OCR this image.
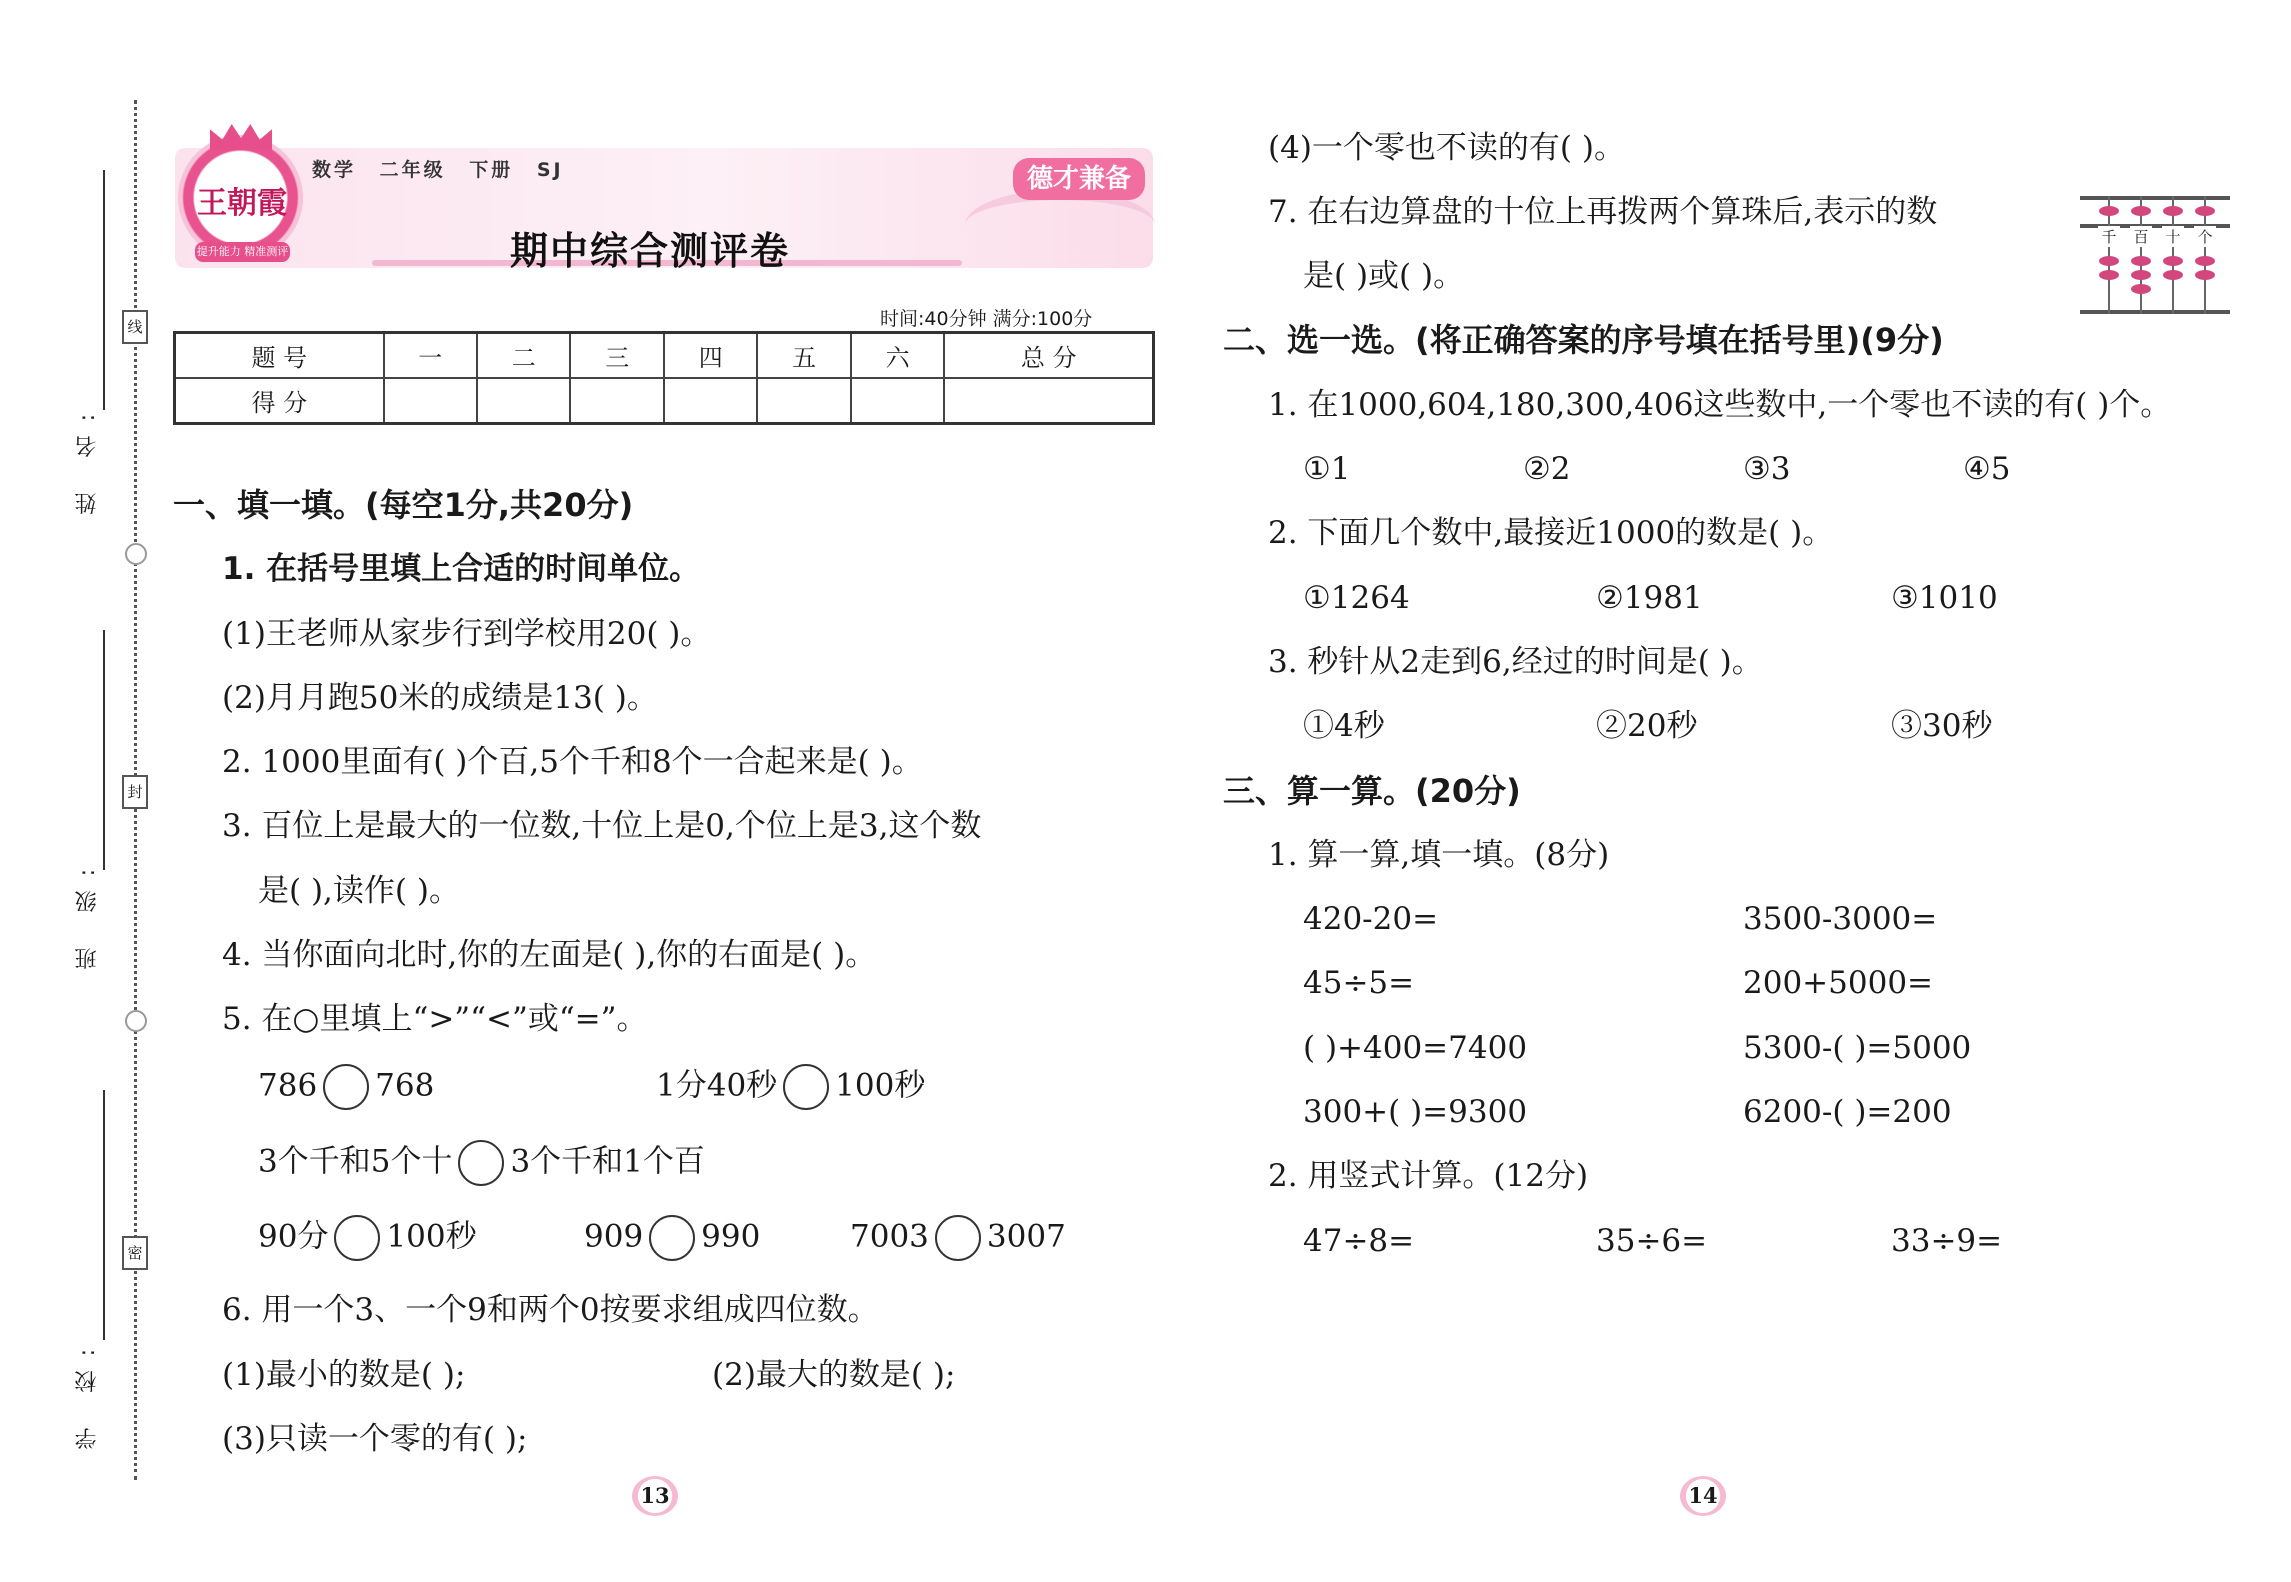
姓 名:
班 级:
学 校:
线
封
密
王朝霞
提升能力 精准测评
数学 二年级 下册 SJ	德才兼备
期中综合测评卷
时间:40分钟 满分:100分
题 号	一	二	三	四	五	六	总 分
得 分							
一、填一填。(每空1分,共20分)
1. 在括号里填上合适的时间单位。
(1)王老师从家步行到学校用20( )。
(2)月月跑50米的成绩是13( )。
2. 1000里面有( )个百,5个千和8个一合起来是( )。
3. 百位上是最大的一位数,十位上是0,个位上是3,这个数
是( ),读作( )。
4. 当你面向北时,你的左面是( ),你的右面是( )。
5. 在○里填上“>”“<”或“=”。
786 768	1分40秒 100秒
3个千和5个十 3个千和1个百
90分 100秒	909 990	7003 3007
6. 用一个3、一个9和两个0按要求组成四位数。
(1)最小的数是( );	(2)最大的数是( );
(3)只读一个零的有( );
13
(4)一个零也不读的有( )。
7. 在右边算盘的十位上再拨两个算珠后,表示的数
是( )或( )。
千 百 十 个
二、选一选。(将正确答案的序号填在括号里)(9分)
1. 在1000,604,180,300,406这些数中,一个零也不读的有( )个。
①1	②2	③3	④5
2. 下面几个数中,最接近1000的数是( )。
①1264	②1981	③1010
3. 秒针从2走到6,经过的时间是( )。
①4秒	②20秒	③30秒
三、算一算。(20分)
1. 算一算,填一填。(8分)
420-20=	3500-3000=
45÷5=	200+5000=
( )+400=7400	5300-( )=5000
300+( )=9300	6200-( )=200
2. 用竖式计算。(12分)
47÷8=	35÷6=	33÷9=
14
